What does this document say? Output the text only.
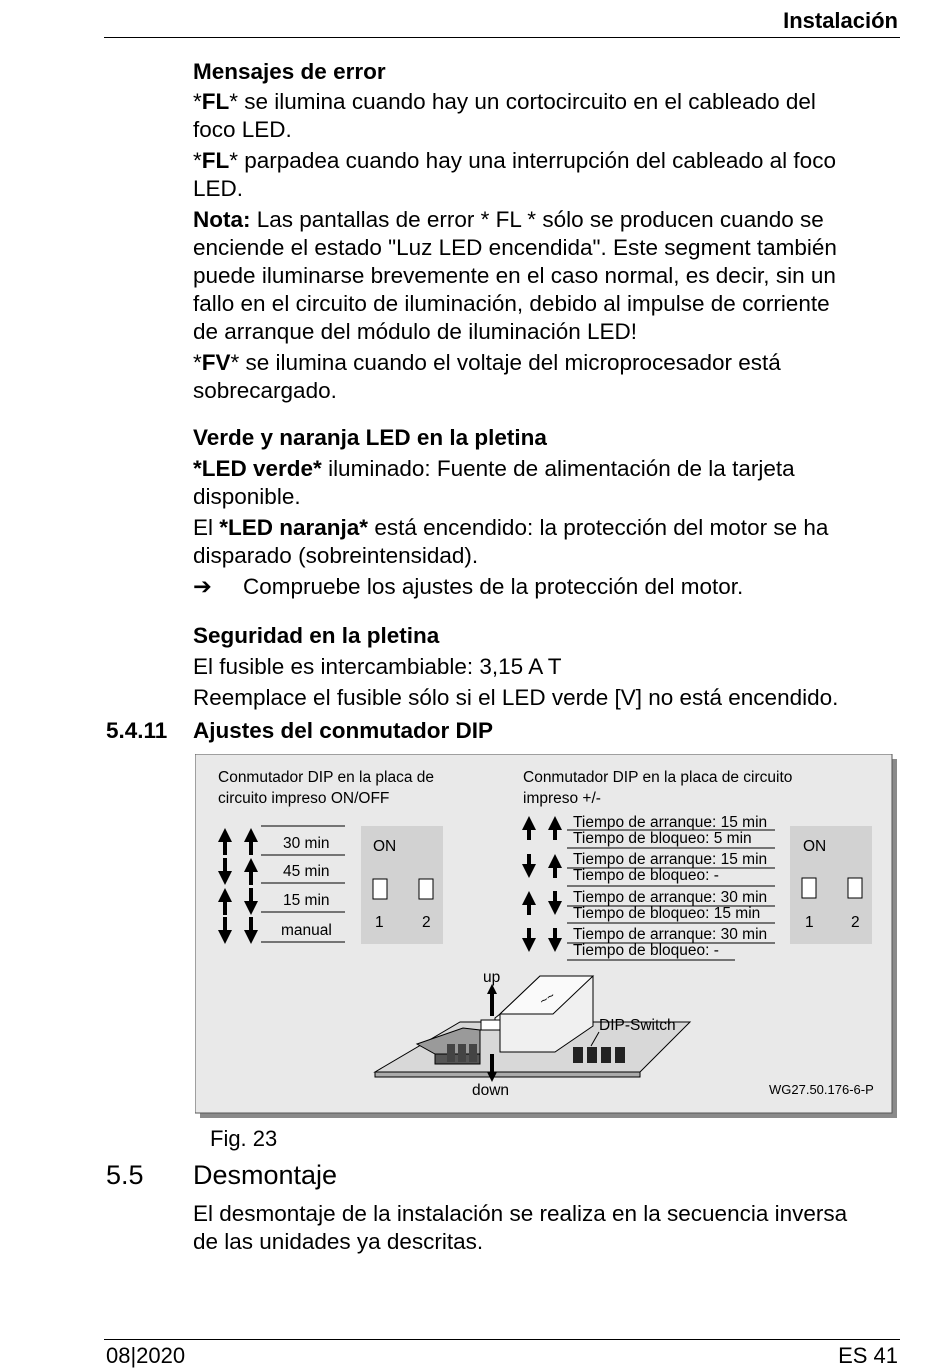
Instalación
Mensajes de error
*FL* se ilumina cuando hay un cortocircuito en el cableado del
foco LED.
*FL* parpadea cuando hay una interrupción del cableado al foco
LED.
Nota: Las pantallas de error * FL * sólo se producen cuando se
enciende el estado "Luz LED encendida". Este segment también
puede iluminarse brevemente en el caso normal, es decir, sin un
fallo en el circuito de iluminación, debido al impulse de corriente
de arranque del módulo de iluminación LED!
*FV* se ilumina cuando el voltaje del microprocesador está
sobrecargado.
Verde y naranja LED en la pletina
*LED verde* iluminado: Fuente de alimentación de la tarjeta
disponible.
El *LED naranja* está encendido: la protección del motor se ha
disparado (sobreintensidad).
➔ Compruebe los ajustes de la protección del motor.
Seguridad en la pletina
El fusible es intercambiable: 3,15 A T
Reemplace el fusible sólo si el LED verde [V] no está encendido.
5.4.11 Ajustes del conmutador DIP
Conmutador DIP en la placa de
circuito impreso ON/OFF
30 min
45 min
15 min
manual
ON
1 2
Conmutador DIP en la placa de circuito
impreso +/-
Tiempo de arranque: 15 min
Tiempo de bloqueo: 5 min
Tiempo de arranque: 15 min
Tiempo de bloqueo: -
Tiempo de arranque: 30 min
Tiempo de bloqueo: 15 min
Tiempo de arranque: 30 min
Tiempo de bloqueo: -
ON
1 2
~~
up
down
DIP-Switch
WG27.50.176-6-P
Fig. 23
5.5 Desmontaje
El desmontaje de la instalación se realiza en la secuencia inversa
de las unidades ya descritas.
08|2020	ES 41
